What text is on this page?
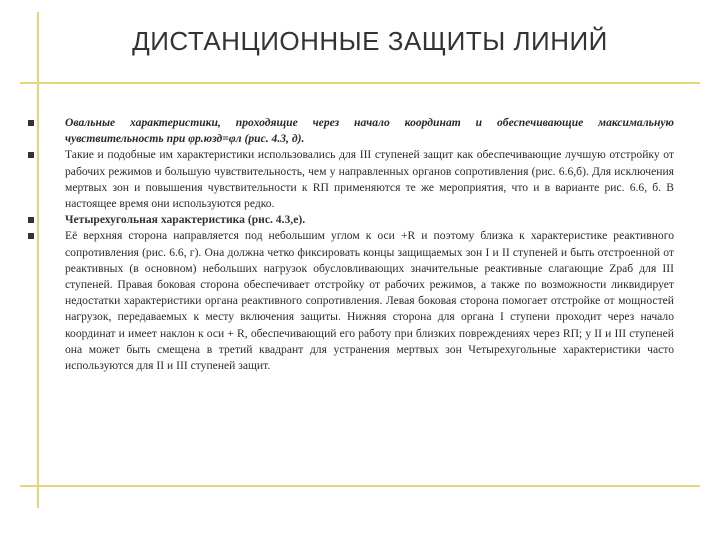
ДИСТАНЦИОННЫЕ ЗАЩИТЫ ЛИНИЙ
Овальные характеристики, проходящие через начало координат и обеспечивающие максимальную чувствительность при φр.юзд=φл (рис. 4.3, д).
Такие и подобные им характеристики использовались для III ступеней защит как обеспечивающие лучшую отстройку от рабочих режимов и большую чувствительность, чем у направленных органов сопротивления (рис. 6.6,б). Для исключения мертвых зон и повышения чувствительности к RП применяются те же мероприятия, что и в варианте рис. 6.6, б. В настоящее время они используются редко.
Четырехугольная характеристика (рис. 4.3,е).
Её верхняя сторона направляется под небольшим углом к оси +R и поэтому близка к характеристике реактивного сопротивления (рис. 6.6, г). Она должна четко фиксировать концы защищаемых зон I и II ступеней и быть отстроенной от реактивных (в основном) небольших нагрузок обусловливающих значительные реактивные слагающие Zраб для III ступеней. Правая боковая сторона обеспечивает отстройку от рабочих режимов, а также по возможности ликвидирует недостатки характеристики органа реактивного сопротивления. Левая боковая сторона помогает отстройке от мощностей нагрузок, передаваемых к месту включения защиты. Нижняя сторона для органа I ступени проходит через начало координат и имеет наклон к оси + R, обеспечивающий его работу при близких повреждениях через RП; у II и III ступеней она может быть смещена в третий квадрант для устранения мертвых зон Четырехугольные характеристики часто используются для II и III ступеней защит.
